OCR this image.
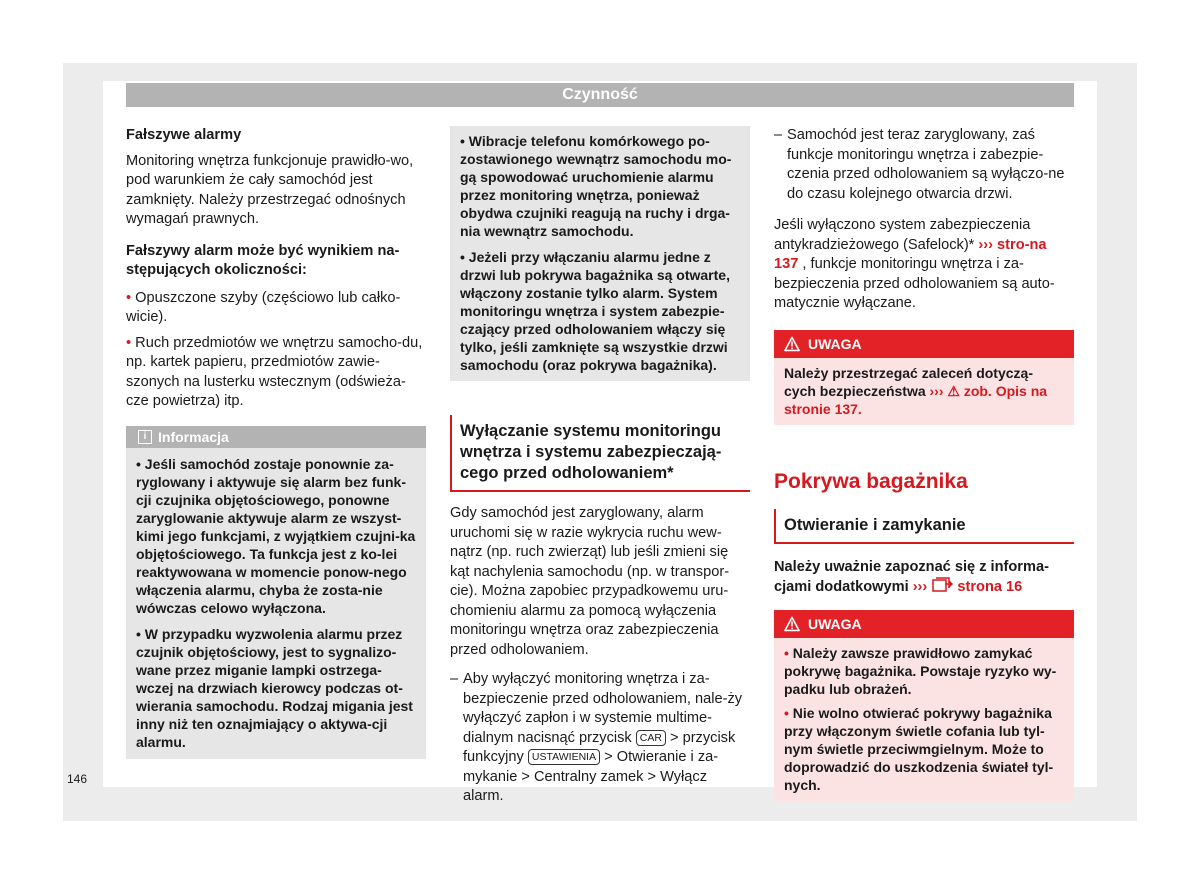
Czynność

Fałszywe alarmy

Monitoring wnętrza funkcjonuje prawidło-wo, pod warunkiem że cały samochód jest zamknięty. Należy przestrzegać odnośnych wymagań prawnych.

Fałszywy alarm może być wynikiem na-stępujących okoliczności:

• Opuszczone szyby (częściowo lub całko-wicie).
• Ruch przedmiotów we wnętrzu samocho-du, np. kartek papieru, przedmiotów zawie-szonych na lusterku wstecznym (odświeża-cze powietrza) itp.
i Informacja
• Jeśli samochód zostaje ponownie za-ryglowany i aktywuje się alarm bez funk-cji czujnika objętościowego, ponowne zaryglowanie aktywuje alarm ze wszyst-kimi jego funkcjami, z wyjątkiem czujni-ka objętościowego. Ta funkcja jest z ko-lei reaktywowana w momencie ponow-nego włączenia alarmu, chyba że zosta-nie wówczas celowo wyłączona.
• W przypadku wyzwolenia alarmu przez czujnik objętościowy, jest to sygnalizo-wane przez miganie lampki ostrzega-wczej na drzwiach kierowcy podczas ot-wierania samochodu. Rodzaj migania jest inny niż ten oznajmiający o aktywa-cji alarmu.
• Wibracje telefonu komórkowego po-zostawionego wewnątrz samochodu mo-gą spowodować uruchomienie alarmu przez monitoring wnętrza, ponieważ obydwa czujniki reagują na ruchy i drga-nia wewnątrz samochodu.
• Jeżeli przy włączaniu alarmu jedne z drzwi lub pokrywa bagażnika są otwarte, włączony zostanie tylko alarm. System monitoringu wnętrza i system zabezpie-czający przed odholowaniem włączy się tylko, jeśli zamknięte są wszystkie drzwi samochodu (oraz pokrywa bagażnika).
Wyłączanie systemu monitoringu wnętrza i systemu zabezpieczają-cego przed odholowaniem*

Gdy samochód jest zaryglowany, alarm uruchomi się w razie wykrycia ruchu wew-nątrz (np. ruch zwierząt) lub jeśli zmieni się kąt nachylenia samochodu (np. w transpor-cie). Można zapobiec przypadkowemu uru-chomieniu alarmu za pomocą wyłączenia monitoringu wnętrza oraz zabezpieczenia przed odholowaniem.

– Aby wyłączyć monitoring wnętrza i za-bezpieczenie przed odholowaniem, nale-ży wyłączyć zapłon i w systemie multime-dialnym nacisnąć przycisk CAR > przycisk funkcyjny USTAWIENIA > Otwieranie i za-mykanie > Centralny zamek > Wyłącz alarm.
– Samochód jest teraz zaryglowany, zaś funkcje monitoringu wnętrza i zabezpie-czenia przed odholowaniem są wyłączo-ne do czasu kolejnego otwarcia drzwi.

Jeśli wyłączono system zabezpieczenia antykradzieżowego (Safelock)* ››› stro-na 137 , funkcje monitoringu wnętrza i za-bezpieczenia przed odholowaniem są auto-matycznie wyłączane.

UWAGA
Należy przestrzegać zaleceń dotyczą-cych bezpieczeństwa ››› ⚠ zob. Opis na stronie 137.
Pokrywa bagażnika
Otwieranie i zamykanie

Należy uważnie zapoznać się z informa-cjami dodatkowymi ››› strona 16

UWAGA
• Należy zawsze prawidłowo zamykać pokrywę bagażnika. Powstaje ryzyko wy-padku lub obrażeń.
• Nie wolno otwierać pokrywy bagażnika przy włączonym świetle cofania lub tyl-nym świetle przeciwmgielnym. Może to doprowadzić do uszkodzenia świateł tyl-nych.
146
